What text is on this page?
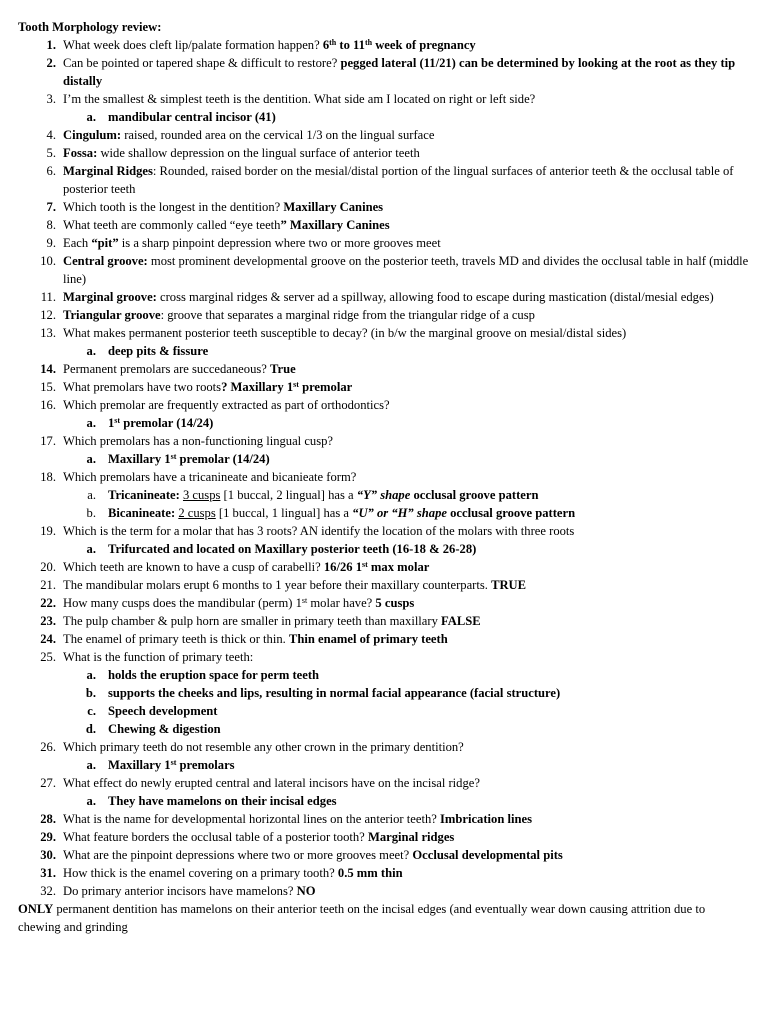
Tooth Morphology review:
1. What week does cleft lip/palate formation happen? 6th to 11th week of pregnancy
2. Can be pointed or tapered shape & difficult to restore? pegged lateral (11/21) can be determined by looking at the root as they tip distally
3. I’m the smallest & simplest teeth is the dentition. What side am I located on right or left side?
a. mandibular central incisor (41)
4. Cingulum: raised, rounded area on the cervical 1/3 on the lingual surface
5. Fossa: wide shallow depression on the lingual surface of anterior teeth
6. Marginal Ridges: Rounded, raised border on the mesial/distal portion of the lingual surfaces of anterior teeth & the occlusal table of posterior teeth
7. Which tooth is the longest in the dentition? Maxillary Canines
8. What teeth are commonly called “eye teeth” Maxillary Canines
9. Each “pit” is a sharp pinpoint depression where two or more grooves meet
10. Central groove: most prominent developmental groove on the posterior teeth, travels MD and divides the occlusal table in half (middle line)
11. Marginal groove: cross marginal ridges & server ad a spillway, allowing food to escape during mastication (distal/mesial edges)
12. Triangular groove: groove that separates a marginal ridge from the triangular ridge of a cusp
13. What makes permanent posterior teeth susceptible to decay? (in b/w the marginal groove on mesial/distal sides)
a. deep pits & fissure
14. Permanent premolars are succedaneous? True
15. What premolars have two roots? Maxillary 1st premolar
16. Which premolar are frequently extracted as part of orthodontics?
a. 1st premolar (14/24)
17. Which premolars has a non-functioning lingual cusp?
a. Maxillary 1st premolar (14/24)
18. Which premolars have a tricanineate and bicanieate form?
a. Tricanineate: 3 cusps [1 buccal, 2 lingual] has a “Y” shape occlusal groove pattern
b. Bicanineate: 2 cusps [1 buccal, 1 lingual] has a “U” or “H” shape occlusal groove pattern
19. Which is the term for a molar that has 3 roots? AN identify the location of the molars with three roots
a. Trifurcated and located on Maxillary posterior teeth (16-18 & 26-28)
20. Which teeth are known to have a cusp of carabelli? 16/26 1st max molar
21. The mandibular molars erupt 6 months to 1 year before their maxillary counterparts. TRUE
22. How many cusps does the mandibular (perm) 1st molar have? 5 cusps
23. The pulp chamber & pulp horn are smaller in primary teeth than maxillary FALSE
24. The enamel of primary teeth is thick or thin. Thin enamel of primary teeth
25. What is the function of primary teeth:
a. holds the eruption space for perm teeth
b. supports the cheeks and lips, resulting in normal facial appearance (facial structure)
c. Speech development
d. Chewing & digestion
26. Which primary teeth do not resemble any other crown in the primary dentition?
a. Maxillary 1st premolars
27. What effect do newly erupted central and lateral incisors have on the incisal ridge?
a. They have mamelons on their incisal edges
28. What is the name for developmental horizontal lines on the anterior teeth? Imbrication lines
29. What feature borders the occlusal table of a posterior tooth? Marginal ridges
30. What are the pinpoint depressions where two or more grooves meet? Occlusal developmental pits
31. How thick is the enamel covering on a primary tooth? 0.5 mm thin
32. Do primary anterior incisors have mamelons? NO
ONLY permanent dentition has mamelons on their anterior teeth on the incisal edges (and eventually wear down causing attrition due to chewing and grinding
